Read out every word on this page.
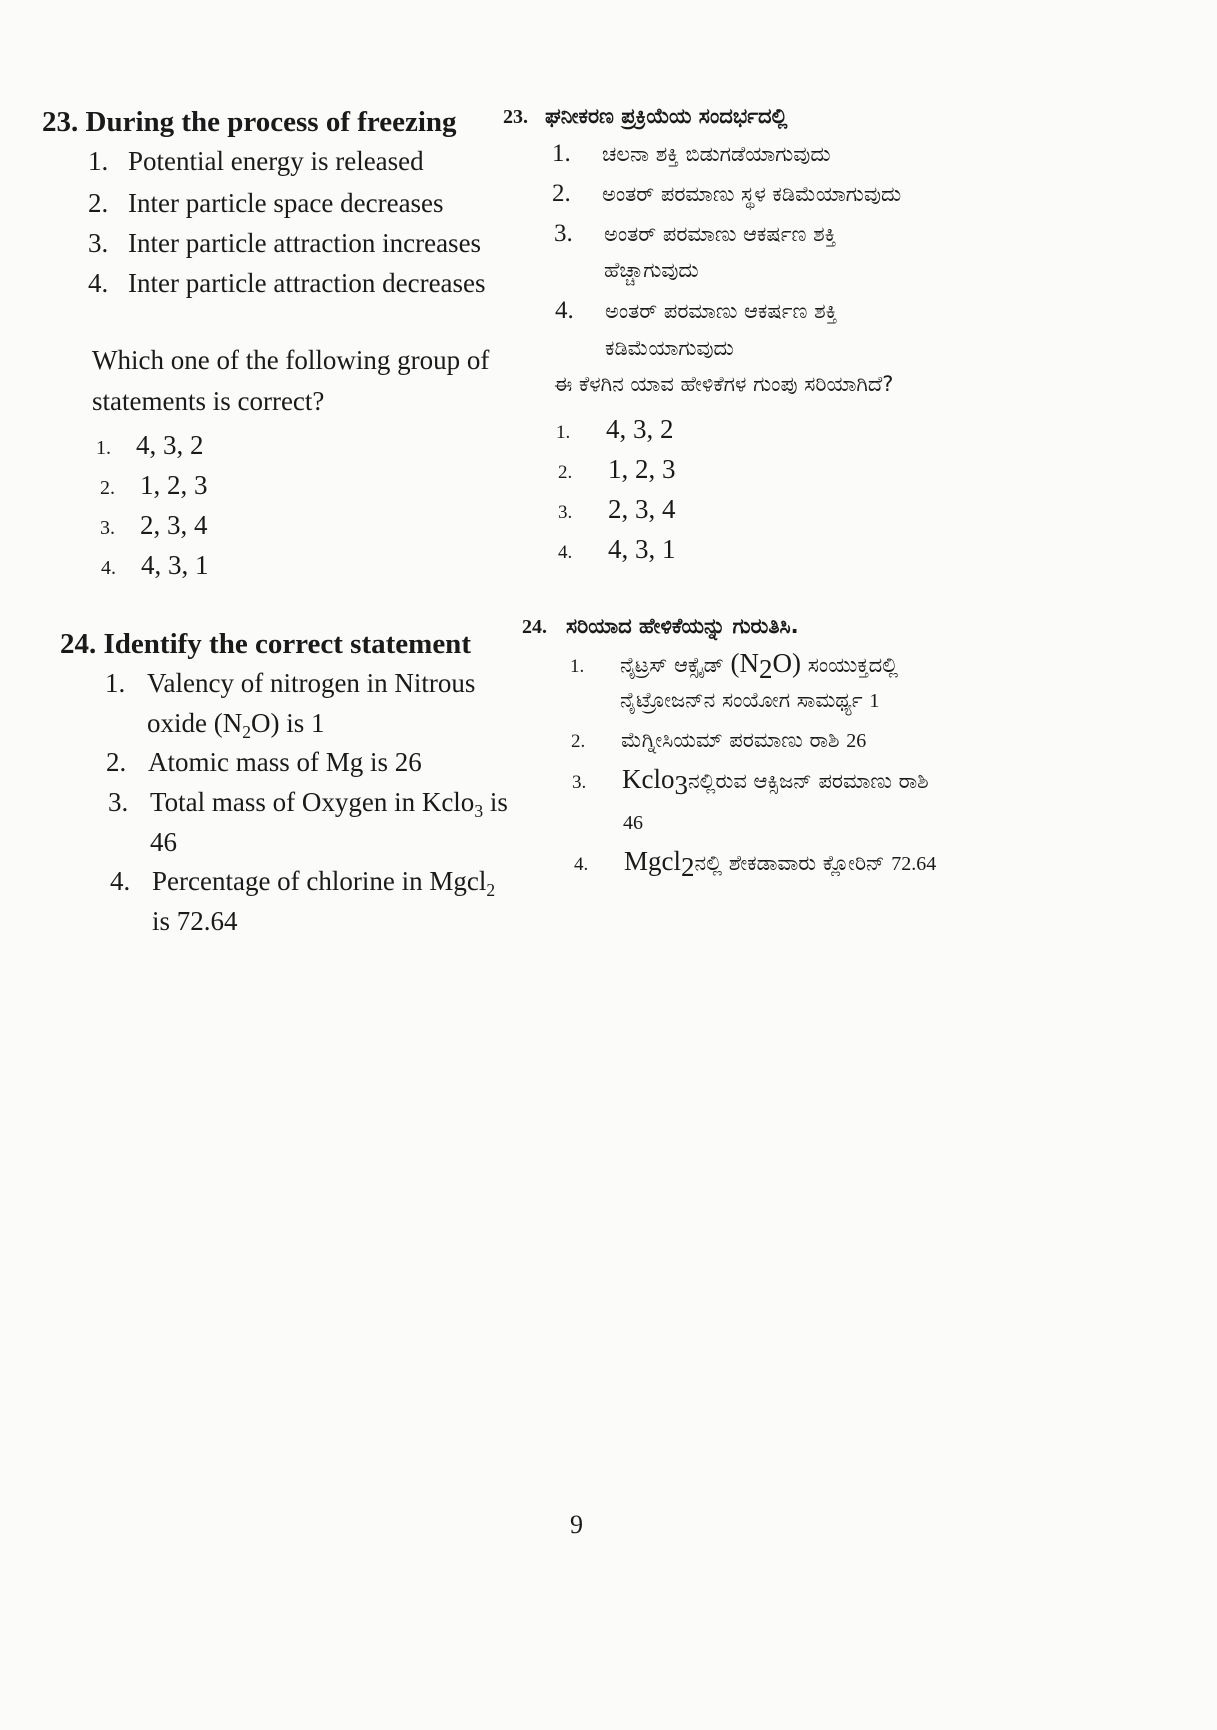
23. During the process of freezing
1. Potential energy is released
2. Inter particle space decreases
3. Inter particle attraction increases
4. Inter particle attraction decreases
Which one of the following group of
statements is correct?
1. 4, 3, 2
2. 1, 2, 3
3. 2, 3, 4
4. 4, 3, 1
24. Identify the correct statement
1. Valency of nitrogen in Nitrous
oxide $(N_2O)$ is 1
2. Atomic mass of Mg is 26
3. Total mass of Oxygen in Kclo$_3$ is
46
4. Percentage of chlorine in Mgcl$_2$
is 72.64
23. ಘನೀಕರಣ ಪ್ರಕ್ರಿಯೆಯ ಸಂದರ್ಭದಲ್ಲಿ
1. ಚಲನಾ ಶಕ್ತಿ ಬಿಡುಗಡೆಯಾಗುವುದು
2. ಅಂತರ್ ಪರಮಾಣು ಸ್ಥಳ ಕಡಿಮೆಯಾಗುವುದು
3. ಅಂತರ್ ಪರಮಾಣು ಆಕರ್ಷಣ ಶಕ್ತಿ
ಹೆಚ್ಚಾಗುವುದು
4. ಅಂತರ್ ಪರಮಾಣು ಆಕರ್ಷಣ ಶಕ್ತಿ
ಕಡಿಮೆಯಾಗುವುದು
ಈ ಕೆಳಗಿನ ಯಾವ ಹೇಳಿಕೆಗಳ ಗುಂಪು ಸರಿಯಾಗಿದೆ?
1. 4, 3, 2
2. 1, 2, 3
3. 2, 3, 4
4. 4, 3, 1
24. ಸರಿಯಾದ ಹೇಳಿಕೆಯನ್ನು ಗುರುತಿಸಿ.
1. ನೈಟ್ರಸ್ ಆಕ್ಸೈಡ್ $(N_2O)$ ಸಂಯುಕ್ತದಲ್ಲಿ
ನೈಟ್ರೋಜನ್‌ನ ಸಂಯೋಗ ಸಾಮರ್ಥ್ಯ 1
2. ಮೆಗ್ನೀಸಿಯಮ್ ಪರಮಾಣು ರಾಶಿ 26
3. Kclo$_3$ನಲ್ಲಿರುವ ಆಕ್ಸಿಜನ್ ಪರಮಾಣು ರಾಶಿ
46
4. Mgcl$_2$ನಲ್ಲಿ ಶೇಕಡಾವಾರು ಕ್ಲೋರಿನ್ 72.64
9
